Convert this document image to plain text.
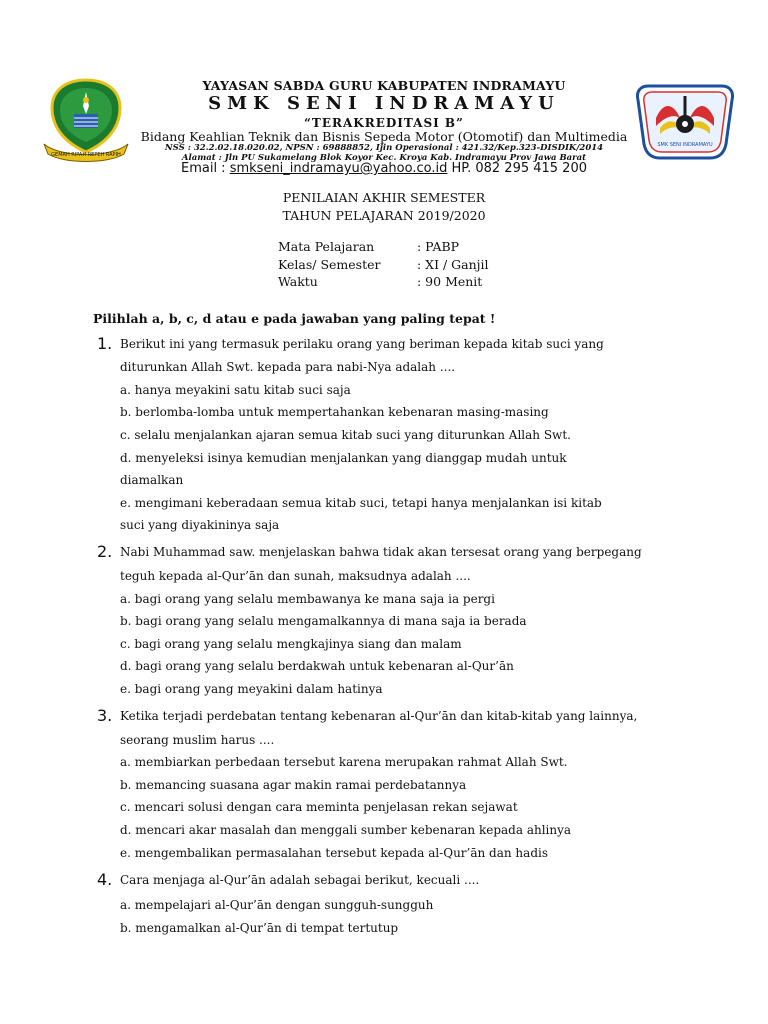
GEMAH RIPAH REPEH RAPIH
SMK SENI INDRAMAYU
YAYASAN SABDA GURU KABUPATEN INDRAMAYU
SMK SENI INDRAMAYU
“TERAKREDITASI B”
Bidang Keahlian Teknik dan Bisnis Sepeda Motor (Otomotif) dan Multimedia
NSS : 32.2.02.18.020.02, NPSN : 69888852, Ijin Operasional : 421.32/Kep.323-DISDIK/2014
Alamat : Jln PU Sukamelang Blok Koyor Kec. Kroya Kab. Indramayu Prov Jawa Barat
Email : smkseni_indramayu@yahoo.co.id HP. 082 295 415 200
PENILAIAN AKHIR SEMESTER
TAHUN PELAJARAN 2019/2020
Mata Pelajaran	: PABP
Kelas/ Semester	: XI / Ganjil
Waktu	: 90 Menit
Pilihlah a, b, c, d atau e pada jawaban yang paling tepat !
1. Berikut ini yang termasuk perilaku orang yang beriman kepada kitab suci yang
diturunkan Allah Swt. kepada para nabi-Nya adalah ....
a. hanya meyakini satu kitab suci saja
b. berlomba-lomba untuk mempertahankan kebenaran masing-masing
c. selalu menjalankan ajaran semua kitab suci yang diturunkan Allah Swt.
d. menyeleksi isinya kemudian menjalankan yang dianggap mudah untuk
diamalkan
e. mengimani keberadaan semua kitab suci, tetapi hanya menjalankan isi kitab
suci yang diyakininya saja
2. Nabi Muhammad saw. menjelaskan bahwa tidak akan tersesat orang yang berpegang
teguh kepada al-Qur’ān dan sunah, maksudnya adalah ....
a. bagi orang yang selalu membawanya ke mana saja ia pergi
b. bagi orang yang selalu mengamalkannya di mana saja ia berada
c. bagi orang yang selalu mengkajinya siang dan malam
d. bagi orang yang selalu berdakwah untuk kebenaran al-Qur’ān
e. bagi orang yang meyakini dalam hatinya
3. Ketika terjadi perdebatan tentang kebenaran al-Qur’ān dan kitab-kitab yang lainnya,
seorang muslim harus ....
a. membiarkan perbedaan tersebut karena merupakan rahmat Allah Swt.
b. memancing suasana agar makin ramai perdebatannya
c. mencari solusi dengan cara meminta penjelasan rekan sejawat
d. mencari akar masalah dan menggali sumber kebenaran kepada ahlinya
e. mengembalikan permasalahan tersebut kepada al-Qur’ān dan hadis
4. Cara menjaga al-Qur’ān adalah sebagai berikut, kecuali ....
a. mempelajari al-Qur’ān dengan sungguh-sungguh
b. mengamalkan al-Qur’ān di tempat tertutup
